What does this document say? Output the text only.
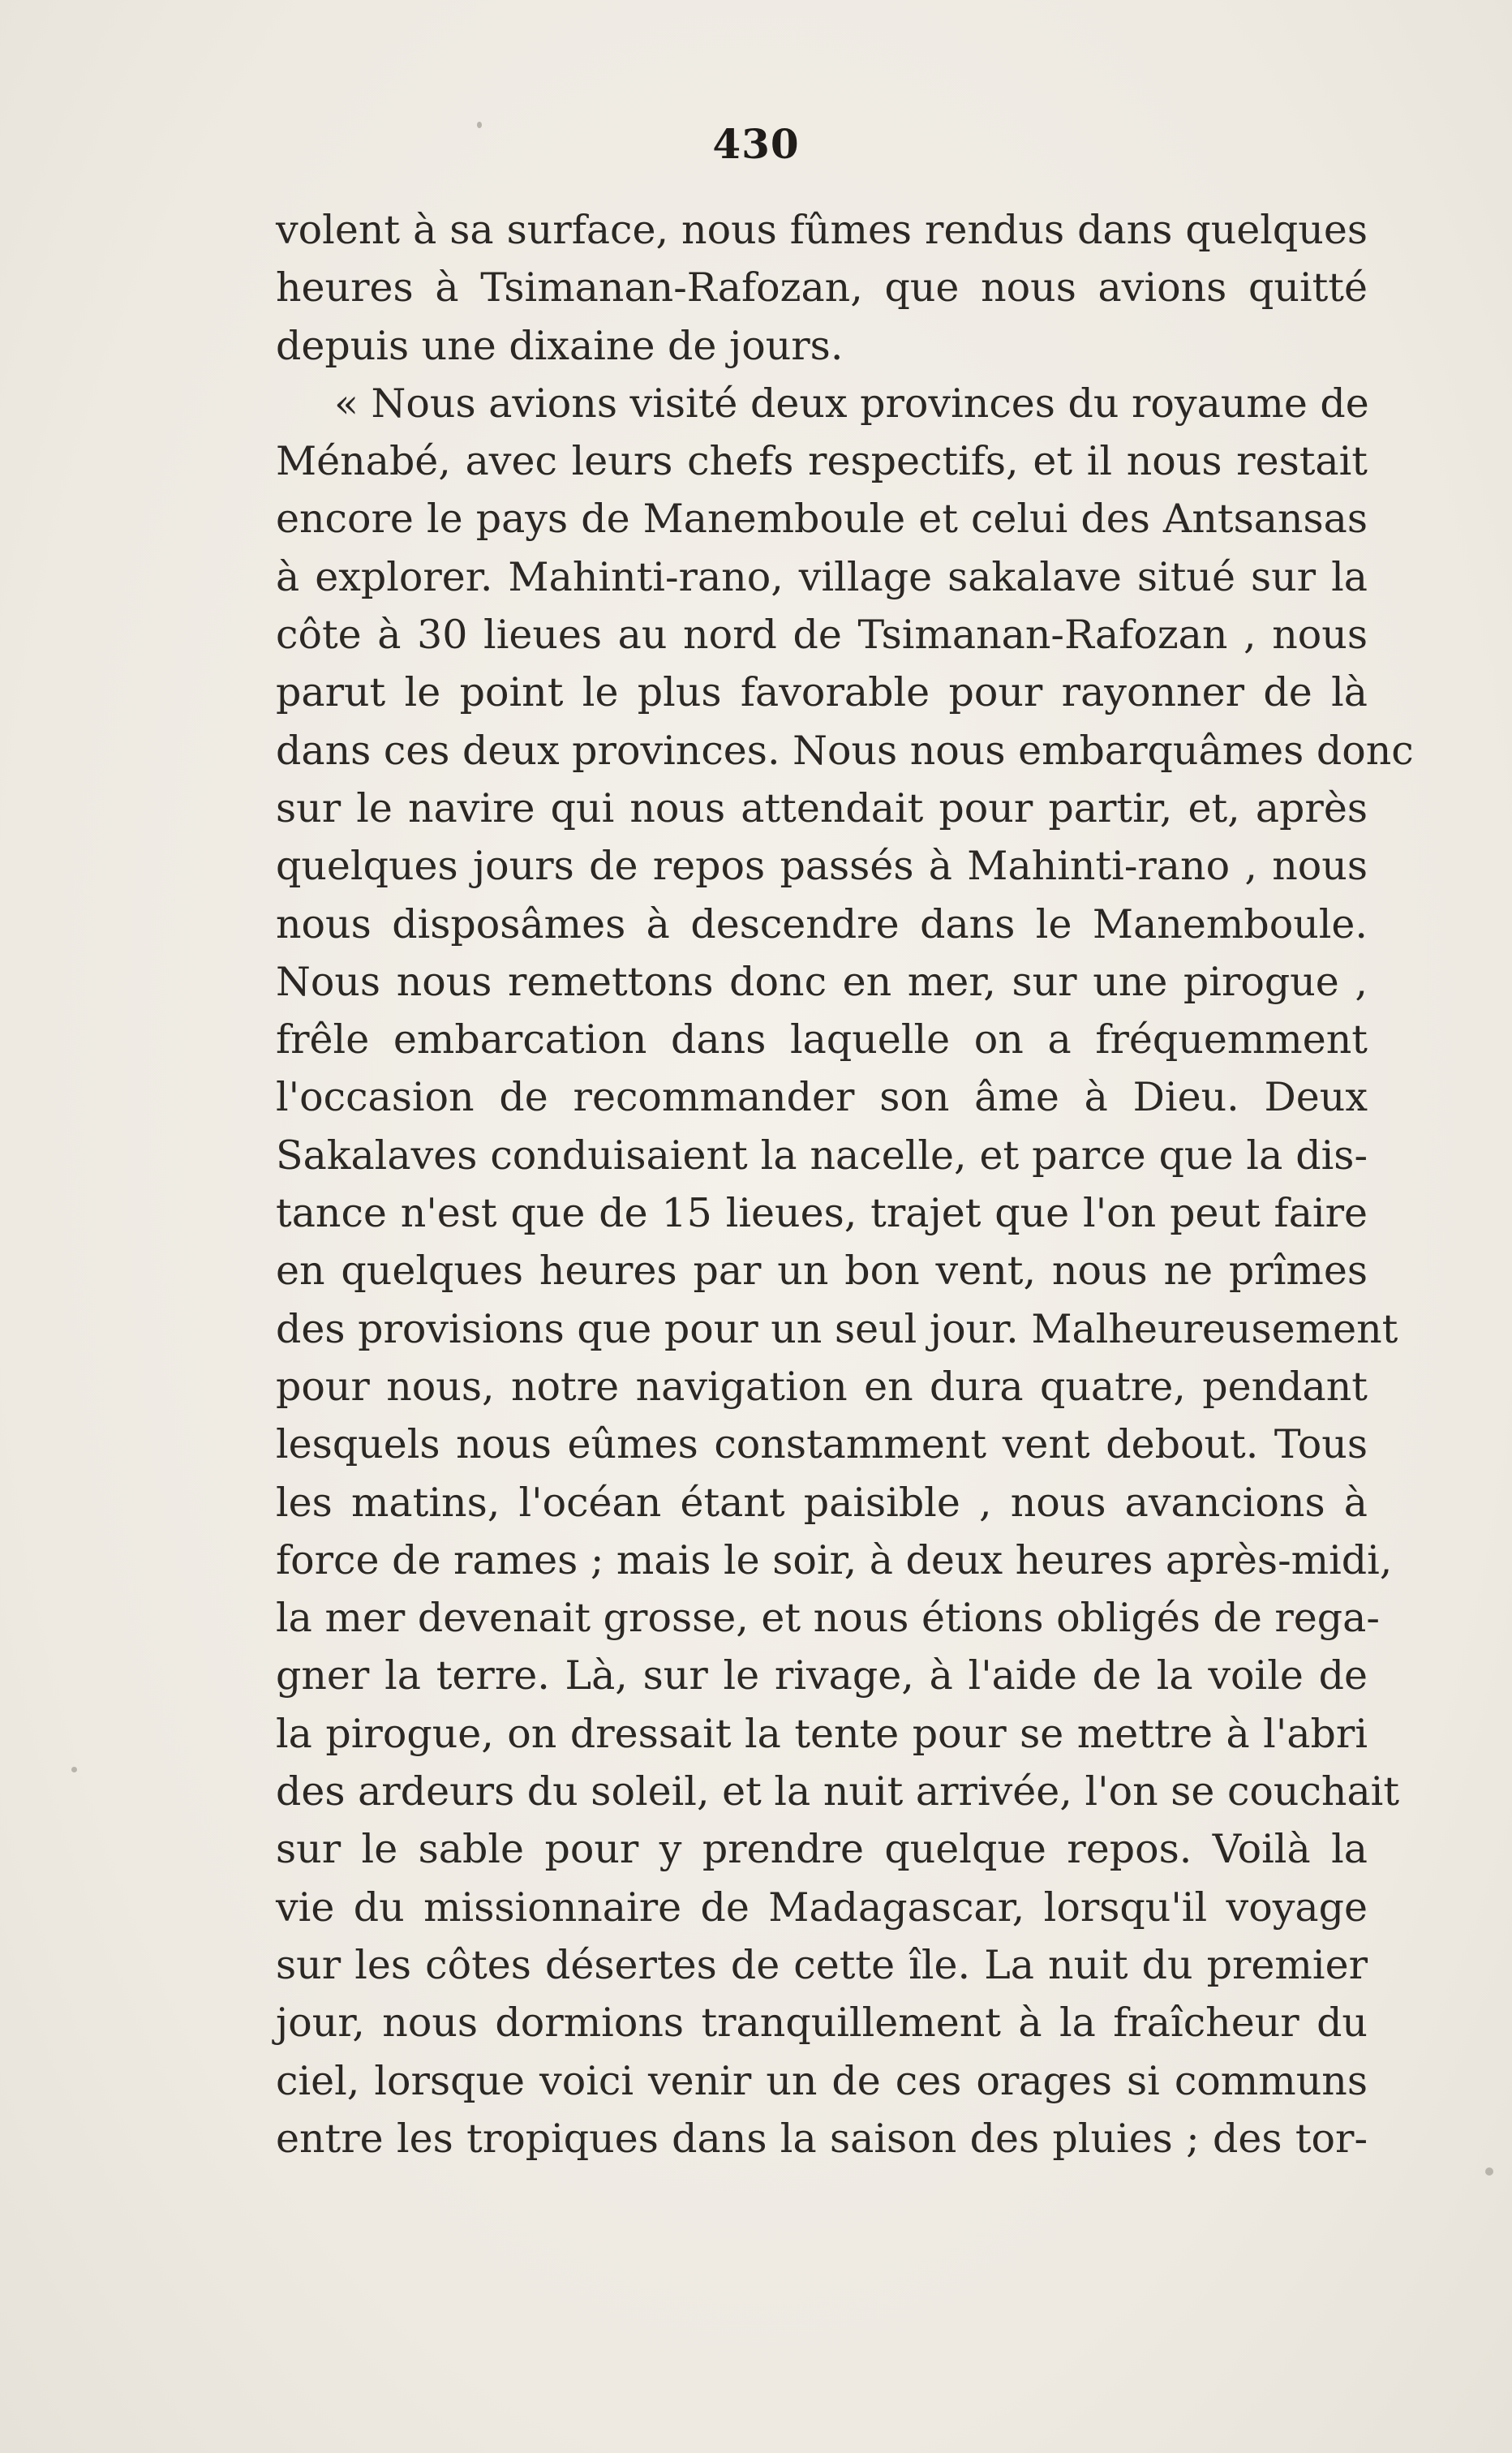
430
volent à sa surface, nous fûmes rendus dans quelques
heures à Tsimanan-Rafozan, que nous avions quitté
depuis une dixaine de jours.
« Nous avions visité deux provinces du royaume de
Ménabé, avec leurs chefs respectifs, et il nous restait
encore le pays de Manemboule et celui des Antsansas
à explorer. Mahinti-rano, village sakalave situé sur la
côte à 30 lieues au nord de Tsimanan-Rafozan , nous
parut le point le plus favorable pour rayonner de là
dans ces deux provinces. Nous nous embarquâmes donc
sur le navire qui nous attendait pour partir, et, après
quelques jours de repos passés à Mahinti-rano , nous
nous disposâmes à descendre dans le Manemboule.
Nous nous remettons donc en mer, sur une pirogue ,
frêle embarcation dans laquelle on a fréquemment
l'occasion de recommander son âme à Dieu. Deux
Sakalaves conduisaient la nacelle, et parce que la dis-
tance n'est que de 15 lieues, trajet que l'on peut faire
en quelques heures par un bon vent, nous ne prîmes
des provisions que pour un seul jour. Malheureusement
pour nous, notre navigation en dura quatre, pendant
lesquels nous eûmes constamment vent debout. Tous
les matins, l'océan étant paisible , nous avancions à
force de rames ; mais le soir, à deux heures après-midi,
la mer devenait grosse, et nous étions obligés de rega-
gner la terre. Là, sur le rivage, à l'aide de la voile de
la pirogue, on dressait la tente pour se mettre à l'abri
des ardeurs du soleil, et la nuit arrivée, l'on se couchait
sur le sable pour y prendre quelque repos. Voilà la
vie du missionnaire de Madagascar, lorsqu'il voyage
sur les côtes désertes de cette île. La nuit du premier
jour, nous dormions tranquillement à la fraîcheur du
ciel, lorsque voici venir un de ces orages si communs
entre les tropiques dans la saison des pluies ; des tor-
